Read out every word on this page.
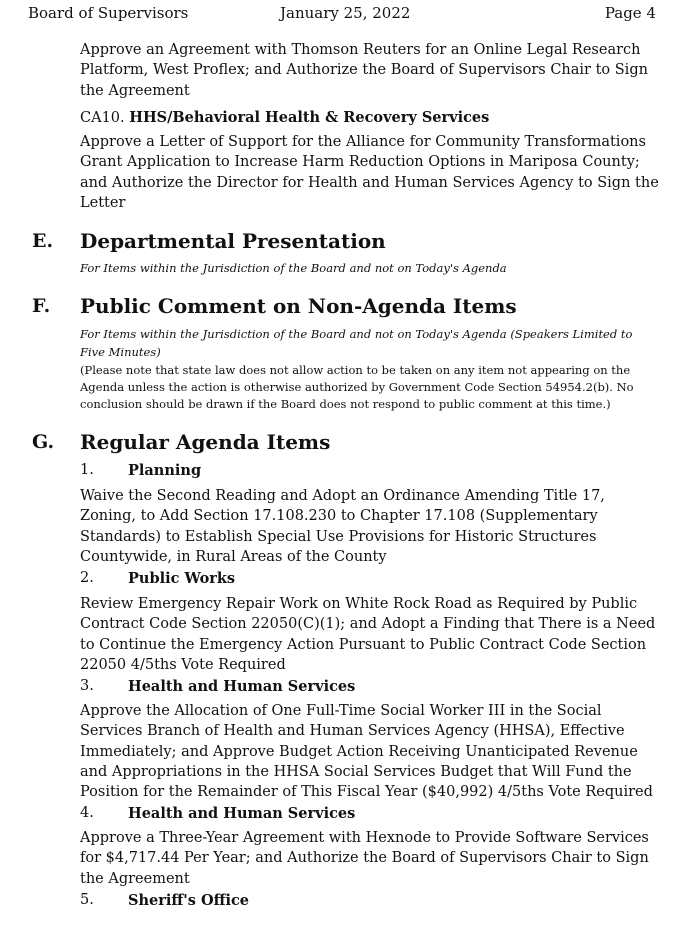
Board of Supervisors	January 25, 2022	Page 4
Approve an Agreement with Thomson Reuters for an Online Legal Research Platform, West Proflex; and Authorize the Board of Supervisors Chair to Sign the Agreement
CA10. HHS/Behavioral Health & Recovery Services
Approve a Letter of Support for the Alliance for Community Transformations Grant Application to Increase Harm Reduction Options in Mariposa County; and Authorize the Director for Health and Human Services Agency to Sign the Letter
E. Departmental Presentation
For Items within the Jurisdiction of the Board and not on Today's Agenda
F. Public Comment on Non-Agenda Items
For Items within the Jurisdiction of the Board and not on Today's Agenda (Speakers Limited to Five Minutes)
(Please note that state law does not allow action to be taken on any item not appearing on the Agenda unless the action is otherwise authorized by Government Code Section 54954.2(b). No conclusion should be drawn if the Board does not respond to public comment at this time.)
G. Regular Agenda Items
1. Planning
Waive the Second Reading and Adopt an Ordinance Amending Title 17, Zoning, to Add Section 17.108.230 to Chapter 17.108 (Supplementary Standards) to Establish Special Use Provisions for Historic Structures Countywide, in Rural Areas of the County
2. Public Works
Review Emergency Repair Work on White Rock Road as Required by Public Contract Code Section 22050(C)(1); and Adopt a Finding that There is a Need to Continue the Emergency Action Pursuant to Public Contract Code Section 22050 4/5ths Vote Required
3. Health and Human Services
Approve the Allocation of One Full-Time Social Worker III in the Social Services Branch of Health and Human Services Agency (HHSA), Effective Immediately; and Approve Budget Action Receiving Unanticipated Revenue and Appropriations in the HHSA Social Services Budget that Will Fund the Position for the Remainder of This Fiscal Year ($40,992) 4/5ths Vote Required
4. Health and Human Services
Approve a Three-Year Agreement with Hexnode to Provide Software Services for $4,717.44 Per Year; and Authorize the Board of Supervisors Chair to Sign the Agreement
5. Sheriff's Office
